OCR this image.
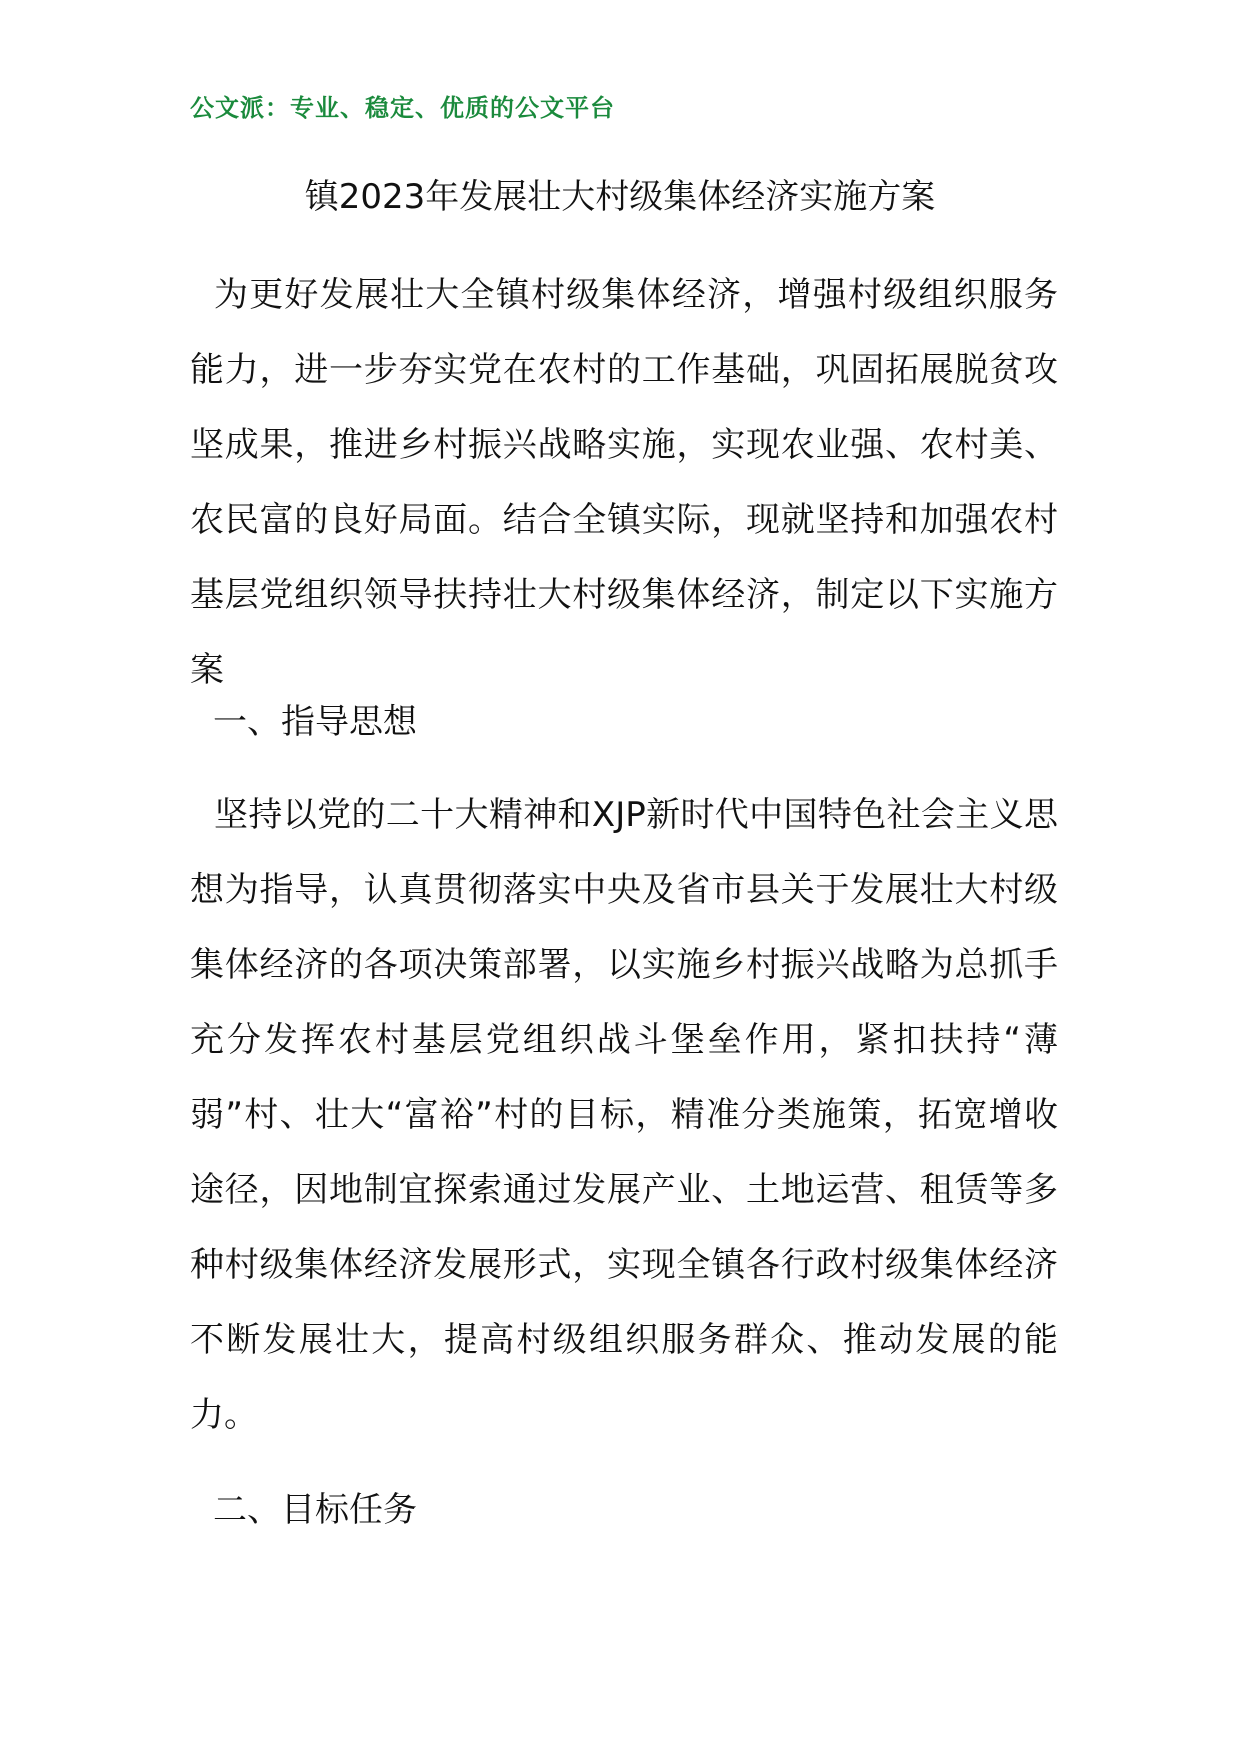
公文派：专业、稳定、优质的公文平台
镇2023年发展壮大村级集体经济实施方案
为更好发展壮大全镇村级集体经济，增强村级组织服务能力，进一步夯实党在农村的工作基础，巩固拓展脱贫攻坚成果，推进乡村振兴战略实施，实现农业强、农村美、农民富的良好局面。结合全镇实际，现就坚持和加强农村基层党组织领导扶持壮大村级集体经济，制定以下实施方案
一、指导思想
坚持以党的二十大精神和XJP新时代中国特色社会主义思想为指导，认真贯彻落实中央及省市县关于发展壮大村级集体经济的各项决策部署，以实施乡村振兴战略为总抓手充分发挥农村基层党组织战斗堡垒作用，紧扣扶持“薄弱”村、壮大“富裕”村的目标，精准分类施策，拓宽增收途径，因地制宜探索通过发展产业、土地运营、租赁等多种村级集体经济发展形式，实现全镇各行政村级集体经济不断发展壮大，提高村级组织服务群众、推动发展的能力。
二、目标任务
